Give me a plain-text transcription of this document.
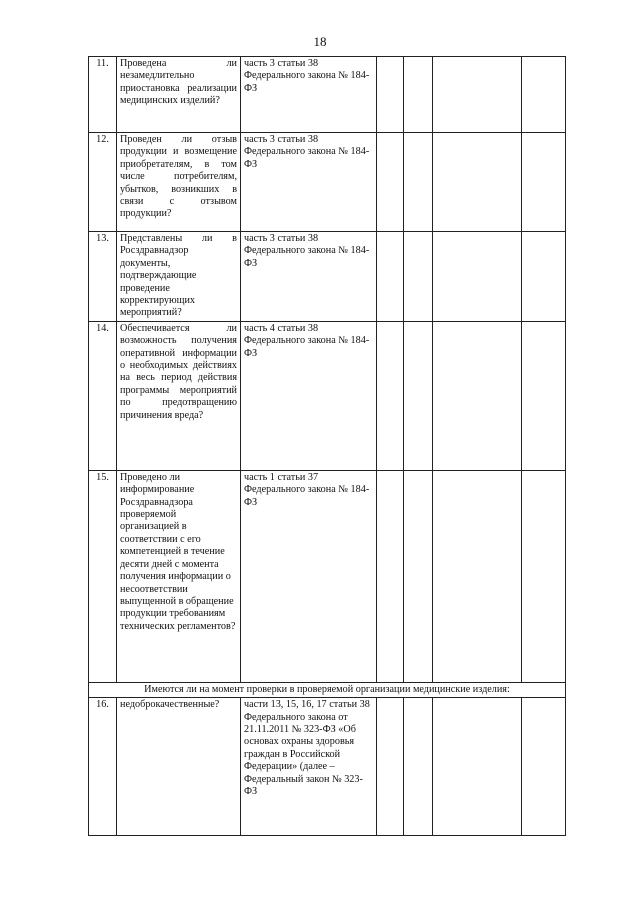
18
11.	Проведена ли незамедлительно приостановка реализации медицинских изделий?	часть 3 статьи 38 Федерального закона № 184-ФЗ				
12.	Проведен ли отзыв продукции и возмещение приобретателям, в том числе потребителям, убытков, возникших в связи с отзывом продукции?	часть 3 статьи 38 Федерального закона № 184-ФЗ				
13.	Представлены ли в Росздравнадзор документы, подтверждающие проведение корректирующих мероприятий?	часть 3 статьи 38 Федерального закона № 184-ФЗ				
14.	Обеспечивается ли возможность получения оперативной информации о необходимых действиях на весь период действия программы мероприятий по предотвращению причинения вреда?	часть 4 статьи 38 Федерального закона № 184-ФЗ				
15.	Проведено ли информирование Росздравнадзора проверяемой организацией в соответствии с его компетенцией в течение десяти дней с момента получения информации о несоответствии выпущенной в обращение продукции требованиям технических регламентов?	часть 1 статьи 37 Федерального закона № 184-ФЗ				
Имеются ли на момент проверки в проверяемой организации медицинские изделия:						
16.	недоброкачественные?	части 13, 15, 16, 17 статьи 38 Федерального закона от 21.11.2011 № 323-ФЗ «Об основах охраны здоровья граждан в Российской Федерации» (далее – Федеральный закон № 323-ФЗ				
